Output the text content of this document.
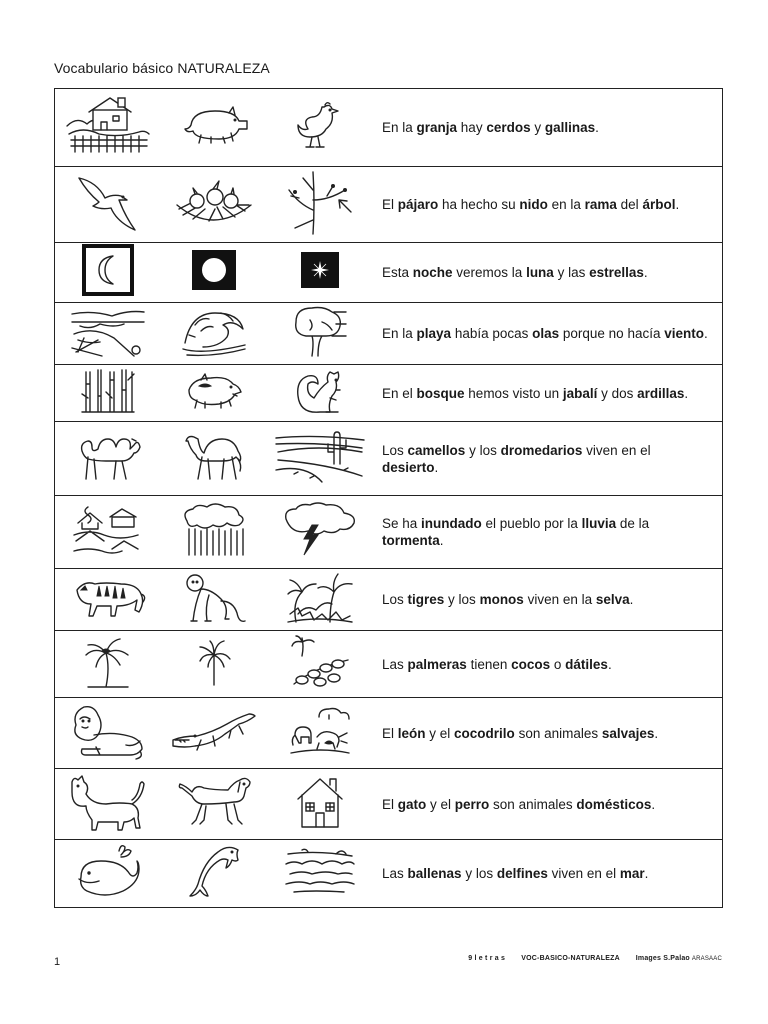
Vocabulario básico NATURALEZA
			En la granja hay cerdos y gallinas.
			El pájaro ha hecho su nido en la rama del árbol.
			Esta noche veremos la luna y las estrellas.
			En la playa había pocas olas porque no hacía viento.
			En el bosque hemos visto un jabalí y dos ardillas.
			Los camellos y los dromedarios viven en el desierto.
			Se ha inundado el pueblo por la lluvia de la tormenta.
			Los tigres y los monos viven en la selva.
			Las palmeras tienen cocos o dátiles.
			El león y el cocodrilo son animales salvajes.
			El gato y el perro son animales domésticos.
			Las ballenas y los delfines viven en el mar.
1	9 l e t r a s VOC-BASICO-NATURALEZA Images S.Palao ARASAAC
